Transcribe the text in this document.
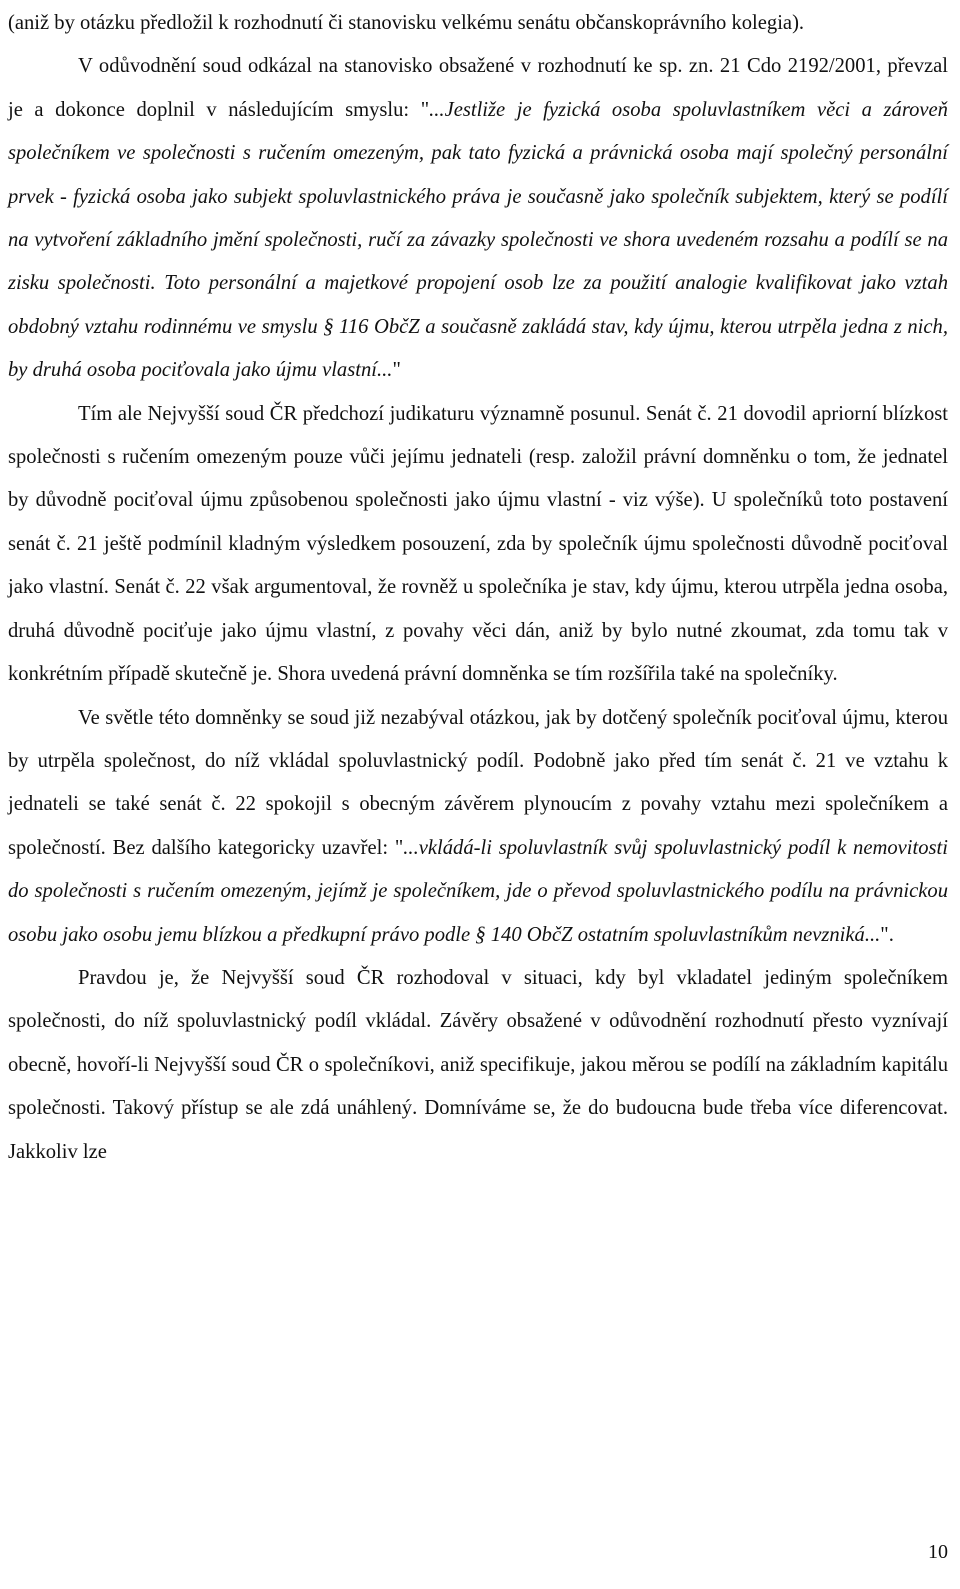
(aniž by otázku předložil k rozhodnutí či stanovisku velkému senátu občanskoprávního kolegia).

V odůvodnění soud odkázal na stanovisko obsažené v rozhodnutí ke sp. zn. 21 Cdo 2192/2001, převzal je a dokonce doplnil v následujícím smyslu: "...Jestliže je fyzická osoba spoluvlastníkem věci a zároveň společníkem ve společnosti s ručením omezeným, pak tato fyzická a právnická osoba mají společný personální prvek - fyzická osoba jako subjekt spoluvlastnického práva je současně jako společník subjektem, který se podílí na vytvoření základního jmění společnosti, ručí za závazky společnosti ve shora uvedeném rozsahu a podílí se na zisku společnosti. Toto personální a majetkové propojení osob lze za použití analogie kvalifikovat jako vztah obdobný vztahu rodinnému ve smyslu § 116 ObčZ a současně zakládá stav, kdy újmu, kterou utrpěla jedna z nich, by druhá osoba pociťovala jako újmu vlastní..."

Tím ale Nejvyšší soud ČR předchozí judikaturu významně posunul. Senát č. 21 dovodil apriorní blízkost společnosti s ručením omezeným pouze vůči jejímu jednateli (resp. založil právní domněnku o tom, že jednatel by důvodně pociťoval újmu způsobenou společnosti jako újmu vlastní - viz výše). U společníků toto postavení senát č. 21 ještě podmínil kladným výsledkem posouzení, zda by společník újmu společnosti důvodně pociťoval jako vlastní. Senát č. 22 však argumentoval, že rovněž u společníka je stav, kdy újmu, kterou utrpěla jedna osoba, druhá důvodně pociťuje jako újmu vlastní, z povahy věci dán, aniž by bylo nutné zkoumat, zda tomu tak v konkrétním případě skutečně je. Shora uvedená právní domněnka se tím rozšířila také na společníky.

Ve světle této domněnky se soud již nezabýval otázkou, jak by dotčený společník pociťoval újmu, kterou by utrpěla společnost, do níž vkládal spoluvlastnický podíl. Podobně jako před tím senát č. 21 ve vztahu k jednateli se také senát č. 22 spokojil s obecným závěrem plynoucím z povahy vztahu mezi společníkem a společností. Bez dalšího kategoricky uzavřel: "...vkládá-li spoluvlastník svůj spoluvlastnický podíl k nemovitosti do společnosti s ručením omezeným, jejímž je společníkem, jde o převod spoluvlastnického podílu na právnickou osobu jako osobu jemu blízkou a předkupní právo podle § 140 ObčZ ostatním spoluvlastníkům nevzniká...".

Pravdou je, že Nejvyšší soud ČR rozhodoval v situaci, kdy byl vkladatel jediným společníkem společnosti, do níž spoluvlastnický podíl vkládal. Závěry obsažené v odůvodnění rozhodnutí přesto vyznívají obecně, hovoří-li Nejvyšší soud ČR o společníkovi, aniž specifikuje, jakou měrou se podílí na základním kapitálu společnosti. Takový přístup se ale zdá unáhlený. Domníváme se, že do budoucna bude třeba více diferencovat. Jakkoliv lze

10
